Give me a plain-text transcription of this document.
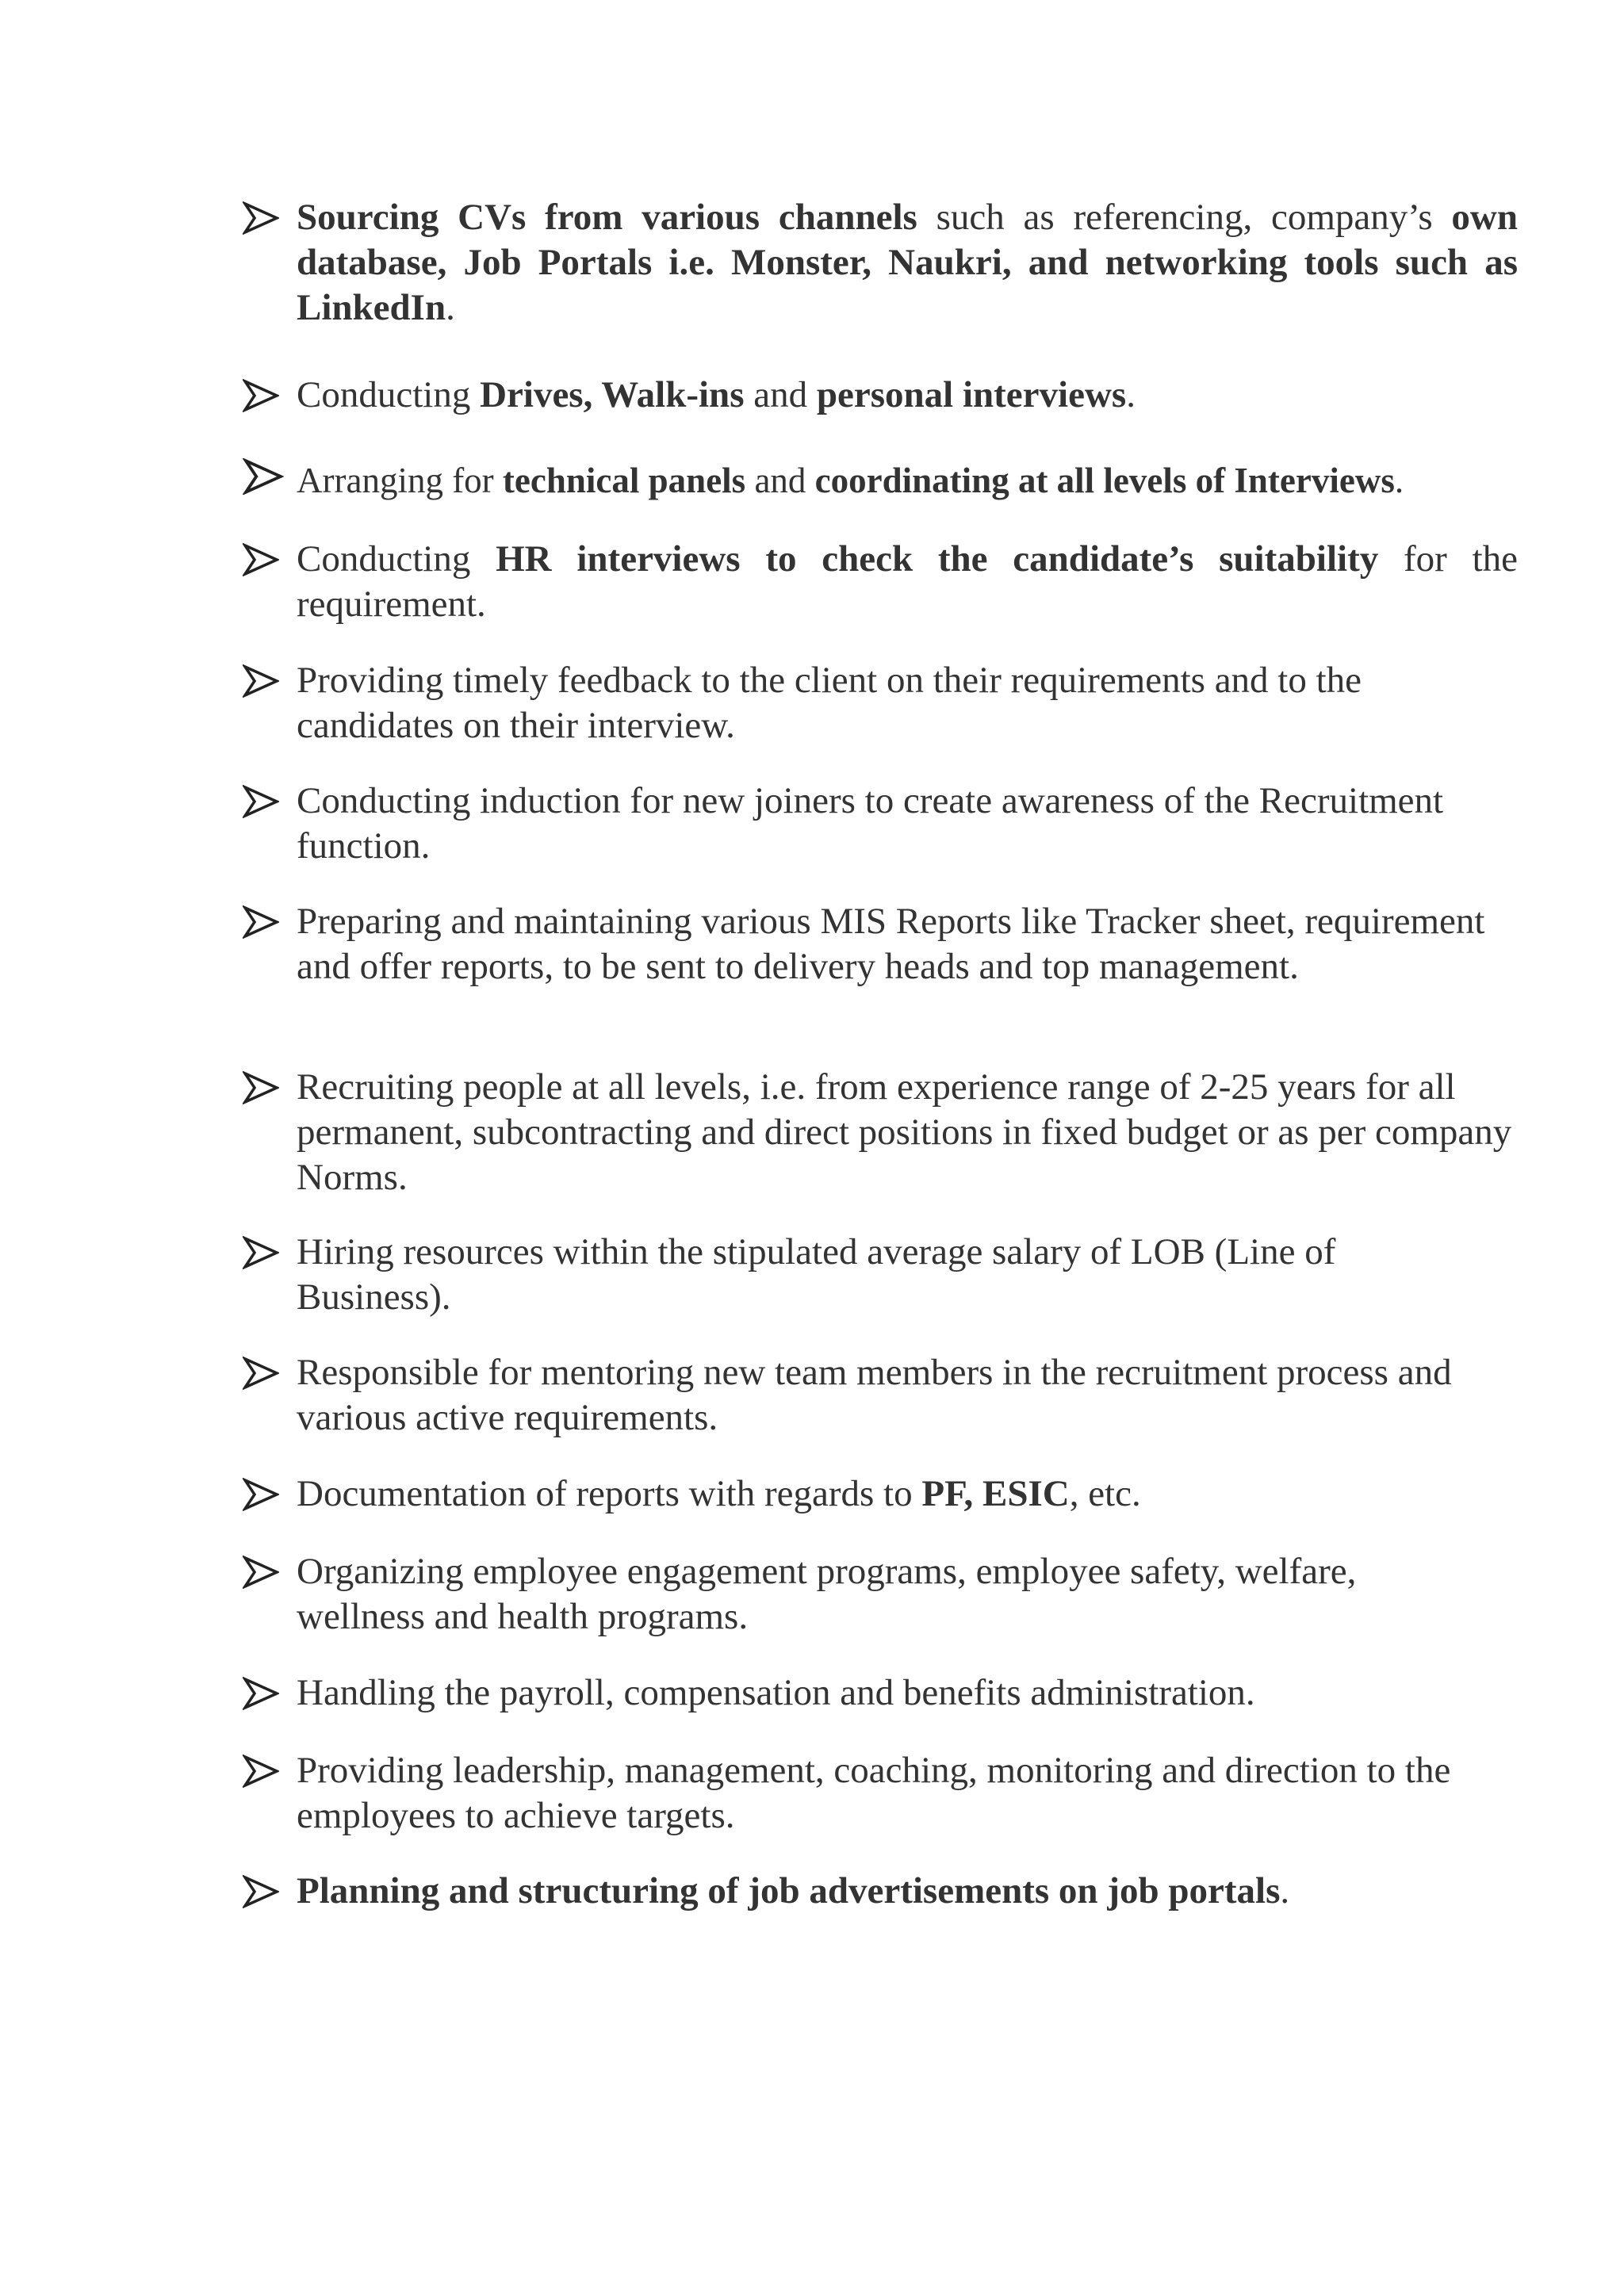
Sourcing CVs from various channels such as referencing, company’s own database, Job Portals i.e. Monster, Naukri, and networking tools such as LinkedIn.
Conducting Drives, Walk-ins and personal interviews.
Arranging for technical panels and coordinating at all levels of Interviews.
Conducting HR interviews to check the candidate’s suitability for the requirement.
Providing timely feedback to the client on their requirements and to the candidates on their interview.
Conducting induction for new joiners to create awareness of the Recruitment function.
Preparing and maintaining various MIS Reports like Tracker sheet, requirement and offer reports, to be sent to delivery heads and top management.
Recruiting people at all levels, i.e. from experience range of 2-25 years for all permanent, subcontracting and direct positions in fixed budget or as per company Norms.
Hiring resources within the stipulated average salary of LOB (Line of Business).
Responsible for mentoring new team members in the recruitment process and various active requirements.
Documentation of reports with regards to PF, ESIC, etc.
Organizing employee engagement programs, employee safety, welfare, wellness and health programs.
Handling the payroll, compensation and benefits administration.
Providing leadership, management, coaching, monitoring and direction to the employees to achieve targets.
Planning and structuring of job advertisements on job portals.
